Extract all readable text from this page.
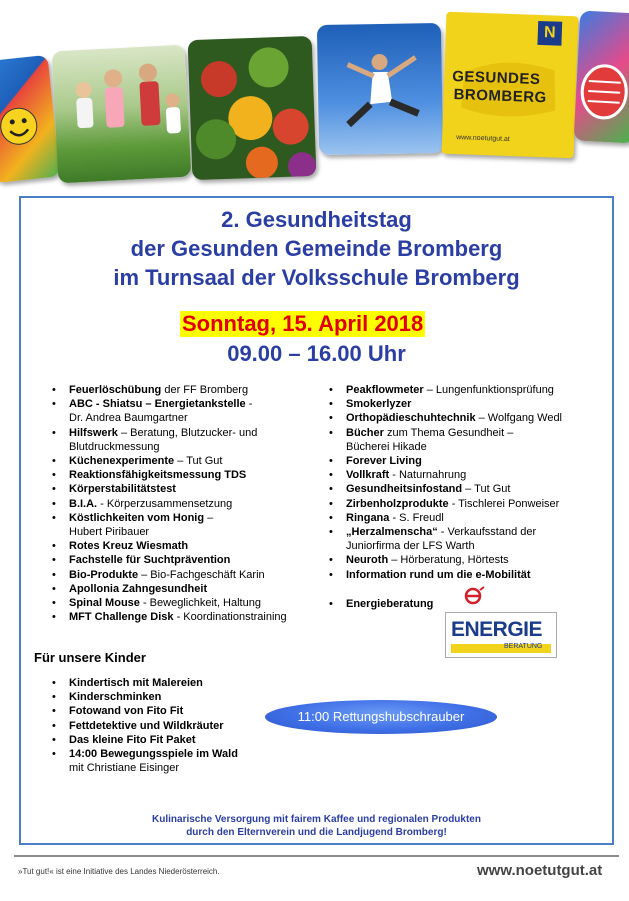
N
GESUNDES
BROMBERG
www.noetutgut.at
2. Gesundheitstag
der Gesunden Gemeinde Bromberg
im Turnsaal der Volksschule Bromberg
Sonntag, 15. April 2018
09.00 – 16.00 Uhr
• Feuerlöschübung der FF Bromberg
• ABC - Shiatsu – Energietankstelle -
Dr. Andrea Baumgartner
• Hilfswerk – Beratung, Blutzucker- und
Blutdruckmessung
• Küchenexperimente – Tut Gut
• Reaktionsfähigkeitsmessung TDS
• Körperstabilitätstest
• B.I.A. - Körperzusammensetzung
• Köstlichkeiten vom Honig –
Hubert Piribauer
• Rotes Kreuz Wiesmath
• Fachstelle für Suchtprävention
• Bio-Produkte – Bio-Fachgeschäft Karin
• Apollonia Zahngesundheit
• Spinal Mouse - Beweglichkeit, Haltung
• MFT Challenge Disk - Koordinationstraining
• Peakflowmeter – Lungenfunktionsprüfung
• Smokerlyzer
• Orthopädieschuhtechnik – Wolfgang Wedl
• Bücher zum Thema Gesundheit –
Bücherei Hikade
• Forever Living
• Vollkraft - Naturnahrung
• Gesundheitsinfostand – Tut Gut
• Zirbenholzprodukte - Tischlerei Ponweiser
• Ringana - S. Freudl
• „Herzalmenscha“ - Verkaufsstand der
Juniorfirma der LFS Warth
• Neuroth – Hörberatung, Hörtests
• Information rund um die e-Mobilität
• Energieberatung
ENERGIE
BERATUNG
Für unsere Kinder
• Kindertisch mit Malereien
• Kinderschminken
• Fotowand von Fito Fit
• Fettdetektive und Wildkräuter
• Das kleine Fito Fit Paket
• 14:00 Bewegungsspiele im Wald
mit Christiane Eisinger
11:00 Rettungshubschrauber
Kulinarische Versorgung mit fairem Kaffee und regionalen Produkten
durch den Elternverein und die Landjugend Bromberg!
»Tut gut!« ist eine Initiative des Landes Niederösterreich.	www.noetutgut.at
